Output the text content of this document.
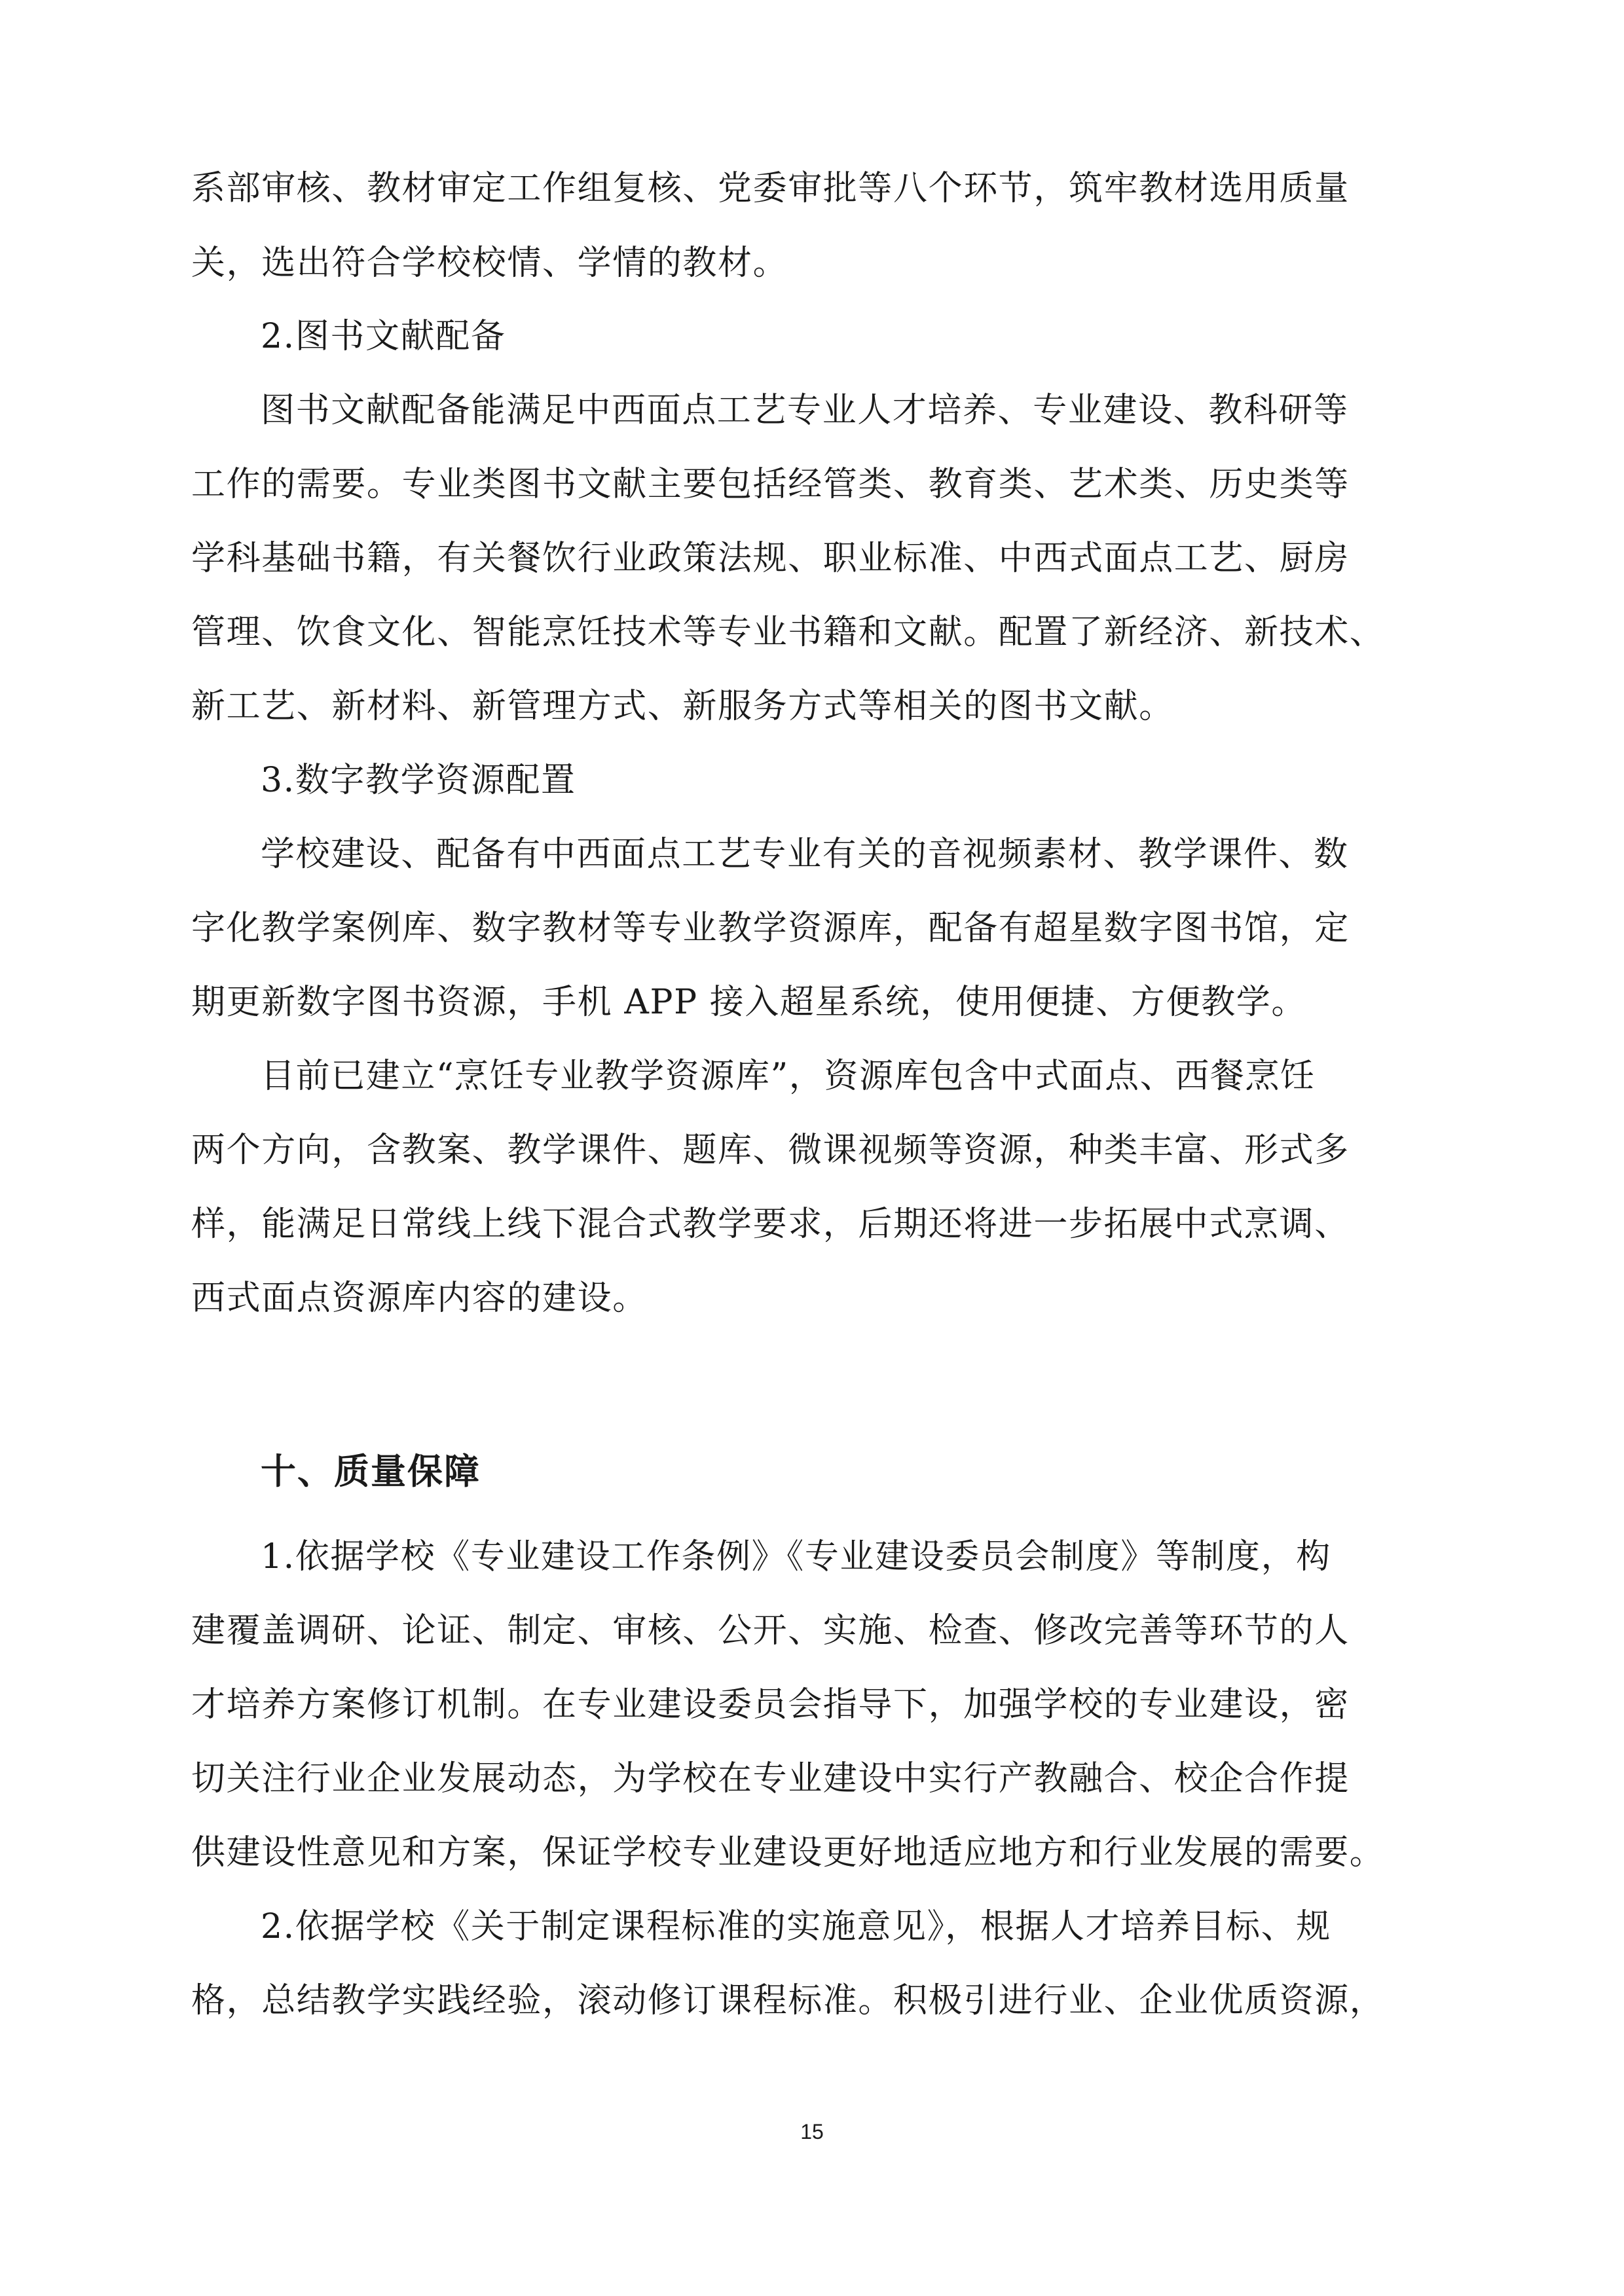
系部审核、教材审定工作组复核、党委审批等八个环节，筑牢教材选用质量
关，选出符合学校校情、学情的教材。
2.图书文献配备
图书文献配备能满足中西面点工艺专业人才培养、专业建设、教科研等
工作的需要。专业类图书文献主要包括经管类、教育类、艺术类、历史类等
学科基础书籍，有关餐饮行业政策法规、职业标准、中西式面点工艺、厨房
管理、饮食文化、智能烹饪技术等专业书籍和文献。配置了新经济、新技术、
新工艺、新材料、新管理方式、新服务方式等相关的图书文献。
3.数字教学资源配置
学校建设、配备有中西面点工艺专业有关的音视频素材、教学课件、数
字化教学案例库、数字教材等专业教学资源库，配备有超星数字图书馆，定
期更新数字图书资源，手机 APP 接入超星系统，使用便捷、方便教学。
目前已建立“烹饪专业教学资源库”，资源库包含中式面点、西餐烹饪
两个方向，含教案、教学课件、题库、微课视频等资源，种类丰富、形式多
样，能满足日常线上线下混合式教学要求，后期还将进一步拓展中式烹调、
西式面点资源库内容的建设。
十、质量保障
1.依据学校《专业建设工作条例》《专业建设委员会制度》等制度，构
建覆盖调研、论证、制定、审核、公开、实施、检查、修改完善等环节的人
才培养方案修订机制。在专业建设委员会指导下，加强学校的专业建设，密
切关注行业企业发展动态，为学校在专业建设中实行产教融合、校企合作提
供建设性意见和方案，保证学校专业建设更好地适应地方和行业发展的需要。
2.依据学校《关于制定课程标准的实施意见》，根据人才培养目标、规
格，总结教学实践经验，滚动修订课程标准。积极引进行业、企业优质资源，
15
